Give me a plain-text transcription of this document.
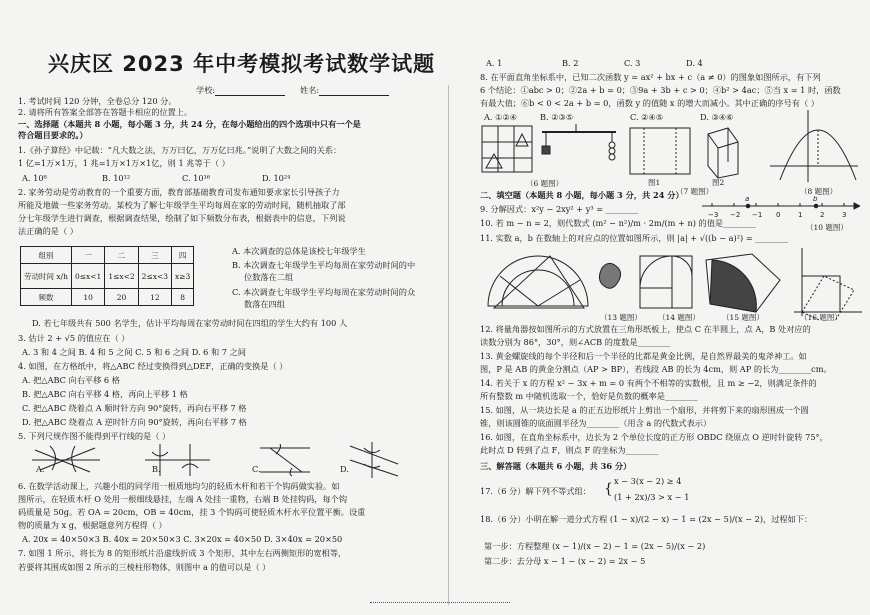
兴庆区 2023 年中考模拟考试数学试题
学校:	姓名:
1. 考试时间 120 分钟，全卷总分 120 分。
2. 请将所有答案全部答在答题卡相应的位置上。
一、选择题（本题共 8 小题，每小题 3 分，共 24 分，在每小题给出的四个选项中只有一个是
符合题目要求的。）
1.《孙子算经》中记载：“凡大数之法，万万曰亿，万万亿曰兆。”说明了大数之间的关系：
1 亿=1万×1万，1 兆=1万×1万×1亿，则 1 兆等于（ ）
A. 10⁸	B. 10¹²	C. 10¹⁶	D. 10²⁴
2. 家务劳动是劳动教育的一个重要方面，教育部基础教育司发布通知要求家长引导孩子力
所能及地做一些家务劳动。某校为了解七年级学生平均每周在家的劳动时间，随机抽取了部
分七年级学生进行调查，根据调查结果，绘制了如下频数分布表，根据表中的信息，下列说
法正确的是（ ）
组别	一	二	三	四
劳动时间 x/h	0≤x<1	1≤x<2	2≤x<3	x≥3
频数	10	20	12	8
A. 本次调查的总体是该校七年级学生
B. 本次调查七年级学生平均每周在家劳动时间的中
位数落在二组
C. 本次调查七年级学生平均每周在家劳动时间的众
数落在四组
D. 若七年级共有 500 名学生，估计平均每周在家劳动时间在四组的学生大约有 100 人
3. 估计 2 + √5 的值应在（ ）
A. 3 和 4 之间 B. 4 和 5 之间 C. 5 和 6 之间 D. 6 和 7 之间
4. 如图，在方格纸中，将△ABC 经过变换得到△DEF，正确的变换是（ ）
A. 把△ABC 向右平移 6 格
B. 把△ABC 向右平移 4 格，再向上平移 1 格
C. 把△ABC 绕着点 A 顺时针方向 90°旋转，再向右平移 7 格
D. 把△ABC 绕着点 A 逆时针方向 90°旋转，再向右平移 7 格
5. 下列尺规作图不能得到平行线的是（ ）
A.	B.	C.	D.
6. 在数学活动课上，兴趣小组的同学用一根质地均匀的轻质木杆和若干个钩码做实验。如
图所示，在轻质木杆 O 处用一根细线悬挂，左端 A 处挂一重物，右端 B 处挂钩码，每个钩
码质量是 50g。若 OA = 20cm，OB = 40cm，挂 3 个钩码可使轻质木杆水平位置平衡。设重
物的质量为 x g，根据题意列方程得（ ）
A. 20x = 40×50×3 B. 40x = 20×50×3 C. 3×20x = 40×50 D. 3×40x = 20×50
7. 如图 1 所示，将长为 8 的矩形纸片沿虚线折成 3 个矩形，其中左右两侧矩形的宽相等，
若要将其围成如图 2 所示的三棱柱形物体，则图中 a 的值可以是（ ）
A. 1	B. 2	C. 3	D. 4
8. 在平面直角坐标系中，已知二次函数 y = ax² + bx + c（a ≠ 0）的图象如图所示，有下列
6 个结论：①abc > 0；②2a + b = 0；③9a + 3b + c > 0；④b² > 4ac；⑤当 x = 1 时，函数
有最大值；⑥b < 0 < 2a + b = 0，函数 y 的值随 x 的增大而减小。其中正确的序号有（ ）
A. ①②④	B. ②③⑤	C. ②④⑤	D. ③④⑥
图1	图2
（6 题图）
（7 题图）	（8 题图）
二、填空题（本题共 8 小题，每小题 3 分，共 24 分）
9. 分解因式：x²y − 2xy² + y³ = ________
10. 若 m − n = 2，则代数式 (m² − n²)/m · 2m/(m + n) 的值是________
11. 实数 a，b 在数轴上的对应点的位置如图所示，则 |a| + √((b − a)²) = ________
−3 −2 −1 0	1	2	3
a	b
（10 题图）
（13 题图） （14 题图）	（15 题图）	（16 题图）
12. 将量角器按如图所示的方式放置在三角形纸板上，使点 C 在半圆上，点 A，B 处对应的
读数分别为 86°，30°，则∠ACB 的度数是________
13. 黄金螺旋线的每个半径和后一个半径的比都是黄金比例，是自然界最美的鬼斧神工。如
图，P 是 AB 的黄金分割点（AP > BP），若线段 AB 的长为 4cm，则 AP 的长为________cm。
14. 若关于 x 的方程 x² − 3x + m = 0 有两个不相等的实数根，且 m ≥ −2，则满足条件的
所有整数 m 中随机选取一个，恰好是负数的概率是________
15. 如图，从一块边长是 a 的正五边形纸片上剪出一个扇形，并将剪下来的扇形围成一个圆
锥，则该圆锥的底面圆半径为________（用含 a 的代数式表示）
16. 如图，在直角坐标系中，边长为 2 个单位长度的正方形 OBDC 绕原点 O 逆时针旋转 75°，
此时点 D 转到了点 F，则点 F 的坐标为________
三、解答题（本题共 6 小题，共 36 分）
17.（6 分）解下列不等式组： { x − 3(x − 2) ≥ 4
(1 + 2x)/3 > x − 1
18.（6 分）小明在解一道分式方程 (1 − x)/(2 − x) − 1 = (2x − 5)/(x − 2)，过程如下：
第一步：方程整理 (x − 1)/(x − 2) − 1 = (2x − 5)/(x − 2)
第二步：去分母 x − 1 − (x − 2) = 2x − 5
